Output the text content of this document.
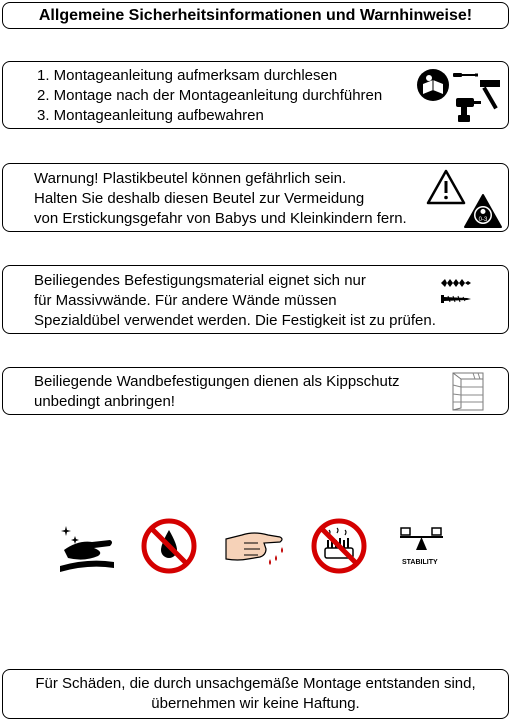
Allgemeine Sicherheitsinformationen und Warnhinweise!
1. Montageanleitung aufmerksam durchlesen
2. Montage nach der Montageanleitung durchführen
3. Montageanleitung aufbewahren
Warnung! Plastikbeutel können gefährlich sein.
Halten Sie deshalb diesen Beutel zur Vermeidung
von Erstickungsgefahr von Babys und Kleinkindern fern.	0-3
Beiliegendes Befestigungsmaterial eignet sich nur
für Massivwände. Für andere Wände müssen
Spezialdübel verwendet werden. Die Festigkeit ist zu prüfen.
Beiliegende Wandbefestigungen dienen als Kippschutz
unbedingt anbringen!
STABILITY
Für Schäden, die durch unsachgemäße Montage entstanden sind,
übernehmen wir keine Haftung.
